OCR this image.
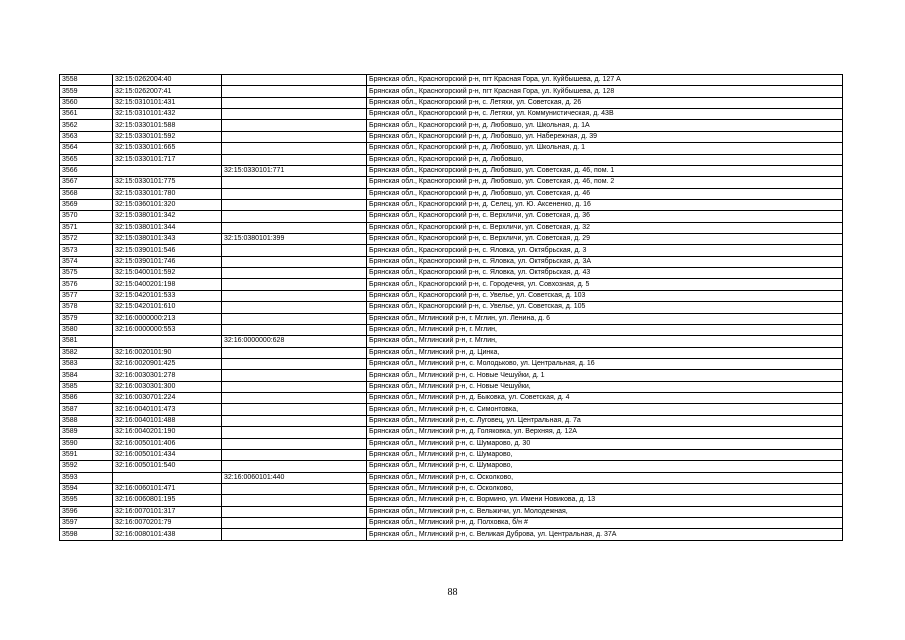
3558	32:15:0262004:40		Брянская обл., Красногорский р-н, пгт Красная Гора, ул. Куйбышева, д. 127 А
3559	32:15:0262007:41		Брянская обл., Красногорский р-н, пгт Красная Гора, ул. Куйбышева, д. 128
3560	32:15:0310101:431		Брянская обл., Красногорский р-н, с. Летяхи, ул. Советская, д. 26
3561	32:15:0310101:432		Брянская обл., Красногорский р-н, с. Летяхи, ул. Коммунистическая, д. 43В
3562	32:15:0330101:588		Брянская обл., Красногорский р-н, д. Любовшо, ул. Школьная, д. 1А
3563	32:15:0330101:592		Брянская обл., Красногорский р-н, д. Любовшо, ул. Набережная, д. 39
3564	32:15:0330101:665		Брянская обл., Красногорский р-н, д. Любовшо, ул. Школьная, д. 1
3565	32:15:0330101:717		Брянская обл., Красногорский р-н, д. Любовшо,
3566		32:15:0330101:771	Брянская обл., Красногорский р-н, д. Любовшо, ул. Советская, д. 46, пом. 1
3567	32:15:0330101:775		Брянская обл., Красногорский р-н, д. Любовшо, ул. Советская, д. 46, пом. 2
3568	32:15:0330101:780		Брянская обл., Красногорский р-н, д. Любовшо, ул. Советская, д. 46
3569	32:15:0360101:320		Брянская обл., Красногорский р-н, д. Селец, ул. Ю. Аксененко, д. 16
3570	32:15:0380101:342		Брянская обл., Красногорский р-н, с. Верхличи, ул. Советская, д. 36
3571	32:15:0380101:344		Брянская обл., Красногорский р-н, с. Верхличи, ул. Советская, д. 32
3572	32:15:0380101:343	32:15:0380101:399	Брянская обл., Красногорский р-н, с. Верхличи, ул. Советская, д. 29
3573	32:15:0390101:546		Брянская обл., Красногорский р-н, с. Яловка, ул. Октябрьская, д. 3
3574	32:15:0390101:746		Брянская обл., Красногорский р-н, с. Яловка, ул. Октябрьская, д. 3А
3575	32:15:0400101:592		Брянская обл., Красногорский р-н, с. Яловка, ул. Октябрьская, д. 43
3576	32:15:0400201:198		Брянская обл., Красногорский р-н, с. Городечня, ул. Совхозная, д. 5
3577	32:15:0420101:533		Брянская обл., Красногорский р-н, с. Увелье, ул. Советская, д. 103
3578	32:15:0420101:610		Брянская обл., Красногорский р-н, с. Увелье, ул. Советская, д. 105
3579	32:16:0000000:213		Брянская обл., Мглинский р-н, г. Мглин, ул. Ленина, д. 6
3580	32:16:0000000:553		Брянская обл., Мглинский р-н, г. Мглин,
3581		32:16:0000000:628	Брянская обл., Мглинский р-н, г. Мглин,
3582	32:16:0020101:90		Брянская обл., Мглинский р-н, д. Цинка,
3583	32:16:0020901:425		Брянская обл., Мглинский р-н, с. Молодьково, ул. Центральная, д. 16
3584	32:16:0030301:278		Брянская обл., Мглинский р-н, с. Новые Чешуйки, д. 1
3585	32:16:0030301:300		Брянская обл., Мглинский р-н, с. Новые Чешуйки,
3586	32:16:0030701:224		Брянская обл., Мглинский р-н, д. Быковка, ул. Советская, д. 4
3587	32:16:0040101:473		Брянская обл., Мглинский р-н, с. Симонтовка,
3588	32:16:0040101:488		Брянская обл., Мглинский р-н, с. Луговец, ул. Центральная, д. 7а
3589	32:16:0040201:190		Брянская обл., Мглинский р-н, д. Голяковка, ул. Верхняя, д. 12А
3590	32:16:0050101:406		Брянская обл., Мглинский р-н, с. Шумарово, д. 30
3591	32:16:0050101:434		Брянская обл., Мглинский р-н, с. Шумарово,
3592	32:16:0050101:540		Брянская обл., Мглинский р-н, с. Шумарово,
3593		32:16:0060101:440	Брянская обл., Мглинский р-н, с. Осколково,
3594	32:16:0060101:471		Брянская обл., Мглинский р-н, с. Осколково,
3595	32:16:0060801:195		Брянская обл., Мглинский р-н, с. Вормино, ул. Имени Новикова, д. 13
3596	32:16:0070101:317		Брянская обл., Мглинский р-н, с. Вельжичи, ул. Молодежная,
3597	32:16:0070201:79		Брянская обл., Мглинский р-н, д. Полховка, б/н #
3598	32:16:0080101:438		Брянская обл., Мглинский р-н, с. Великая Дуброва, ул. Центральная, д. 37А
88
